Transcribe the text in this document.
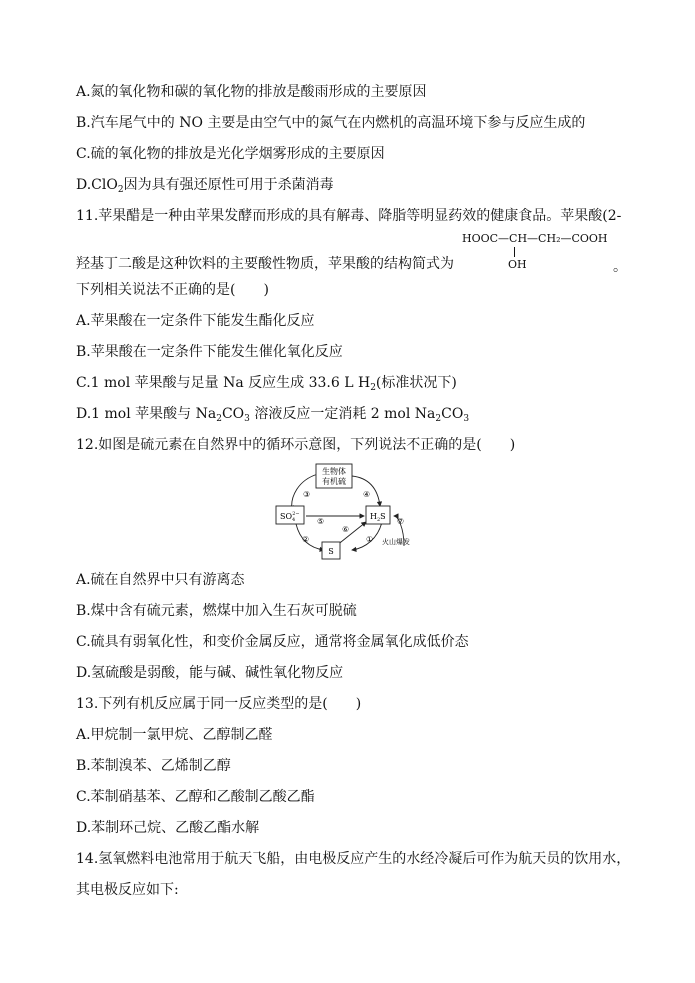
A.氮的氧化物和碳的氧化物的排放是酸雨形成的主要原因
B.汽车尾气中的 NO 主要是由空气中的氮气在内燃机的高温环境下参与反应生成的
C.硫的氧化物的排放是光化学烟雾形成的主要原因
D.ClO$_2$因为具有强还原性可用于杀菌消毒
11.苹果醋是一种由苹果发酵而形成的具有解毒、降脂等明显药效的健康食品。苹果酸(2-
羟基丁二酸是这种饮料的主要酸性物质，苹果酸的结构简式为
HOOC—CH—CH₂—COOH
OH	。
下列相关说法不正确的是(　　)
A.苹果酸在一定条件下能发生酯化反应
B.苹果酸在一定条件下能发生催化氧化反应
C.1 mol 苹果酸与足量 Na 反应生成 33.6 L $H_2$(标准状况下)
D.1 mol 苹果酸与 $Na_2CO_3$ 溶液反应一定消耗 2 mol $Na_2CO_3$
12.如图是硫元素在自然界中的循环示意图，下列说法不正确的是(　　)
生物体
有机硫
$SO_42-$	$H_2S$
S
③	④
⑤
⑥
②	①
⑦
火山爆发
A.硫在自然界中只有游离态
B.煤中含有硫元素，燃煤中加入生石灰可脱硫
C.硫具有弱氧化性，和变价金属反应，通常将金属氧化成低价态
D.氢硫酸是弱酸，能与碱、碱性氧化物反应
13.下列有机反应属于同一反应类型的是(　　)
A.甲烷制一氯甲烷、乙醇制乙醛
B.苯制溴苯、乙烯制乙醇
C.苯制硝基苯、乙醇和乙酸制乙酸乙酯
D.苯制环己烷、乙酸乙酯水解
14.氢氧燃料电池常用于航天飞船，由电极反应产生的水经冷凝后可作为航天员的饮用水，
其电极反应如下:
